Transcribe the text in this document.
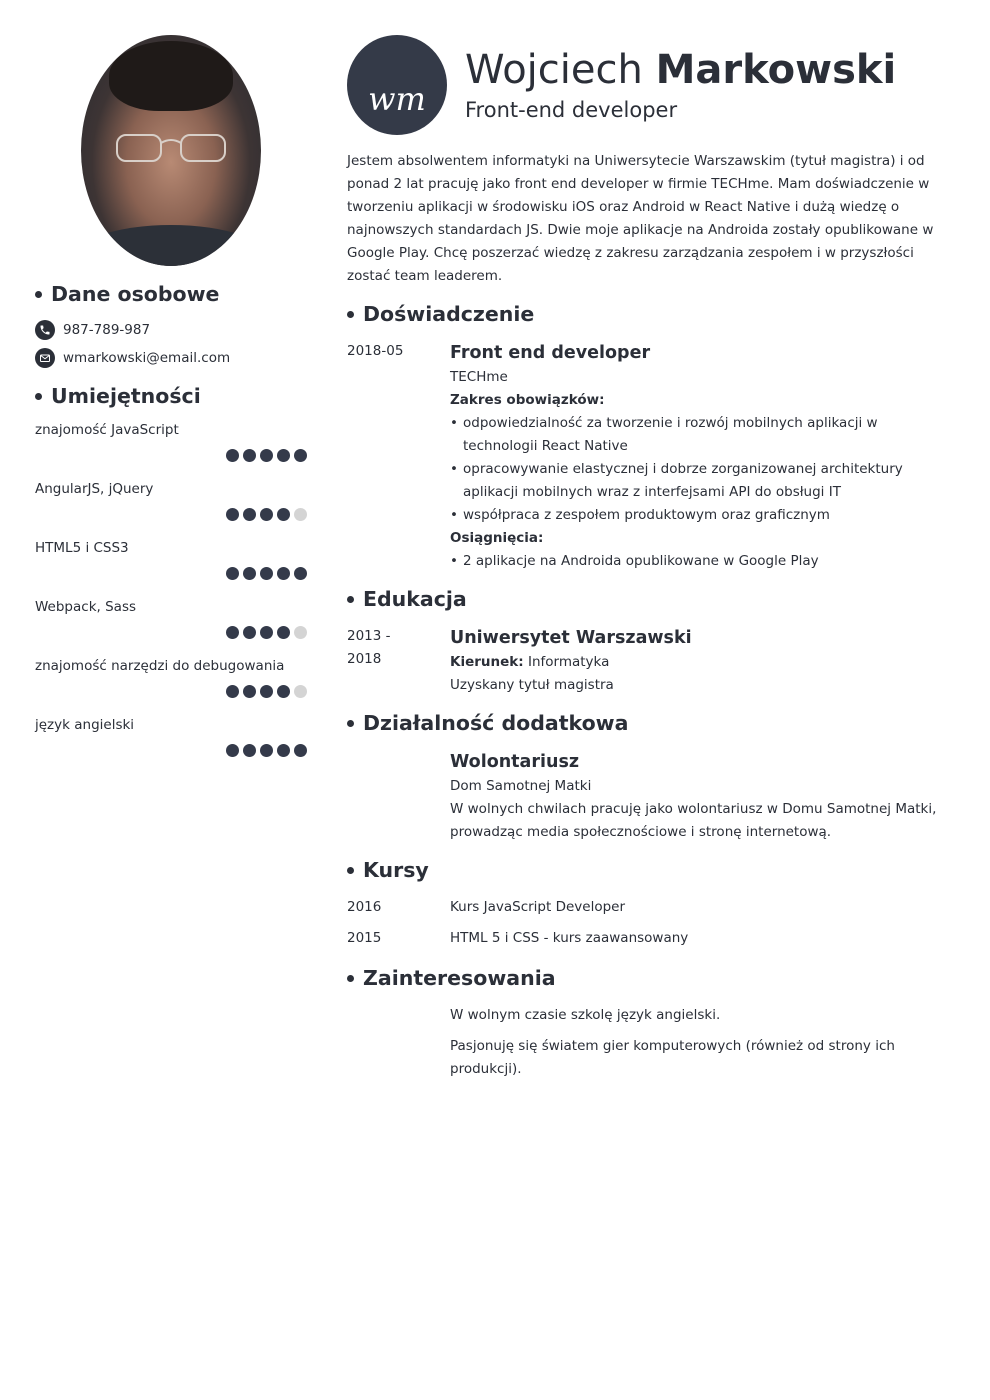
Dane osobowe
987-789-987
wmarkowski@email.com
Umiejętności
znajomość JavaScript
AngularJS, jQuery
HTML5 i CSS3
Webpack, Sass
znajomość narzędzi do debugowania
język angielski
wm
Wojciech Markowski
Front-end developer
Jestem absolwentem informatyki na Uniwersytecie Warszawskim (tytuł magistra) i od ponad 2 lat pracuję jako front end developer w firmie TECHme. Mam doświadczenie w tworzeniu aplikacji w środowisku iOS oraz Android w React Native i dużą wiedzę o najnowszych standardach JS. Dwie moje aplikacje na Androida zostały opublikowane w Google Play. Chcę poszerzać wiedzę z zakresu zarządzania zespołem i w przyszłości zostać team leaderem.
Doświadczenie
2018-05	Front end developer
TECHme
Zakres obowiązków:
• odpowiedzialność za tworzenie i rozwój mobilnych aplikacji w technologii React Native
• opracowywanie elastycznej i dobrze zorganizowanej architektury aplikacji mobilnych wraz z interfejsami API do obsługi IT
• współpraca z zespołem produktowym oraz graficznym
Osiągnięcia:
• 2 aplikacje na Androida opublikowane w Google Play
Edukacja
2013 -
2018
Uniwersytet Warszawski
Kierunek: Informatyka
Uzyskany tytuł magistra
Działalność dodatkowa
Wolontariusz
Dom Samotnej Matki
W wolnych chwilach pracuję jako wolontariusz w Domu Samotnej Matki, prowadząc media społecznościowe i stronę internetową.
Kursy
2016	Kurs JavaScript Developer
2015	HTML 5 i CSS - kurs zaawansowany
Zainteresowania
W wolnym czasie szkolę język angielski.
Pasjonuję się światem gier komputerowych (również od strony ich produkcji).
